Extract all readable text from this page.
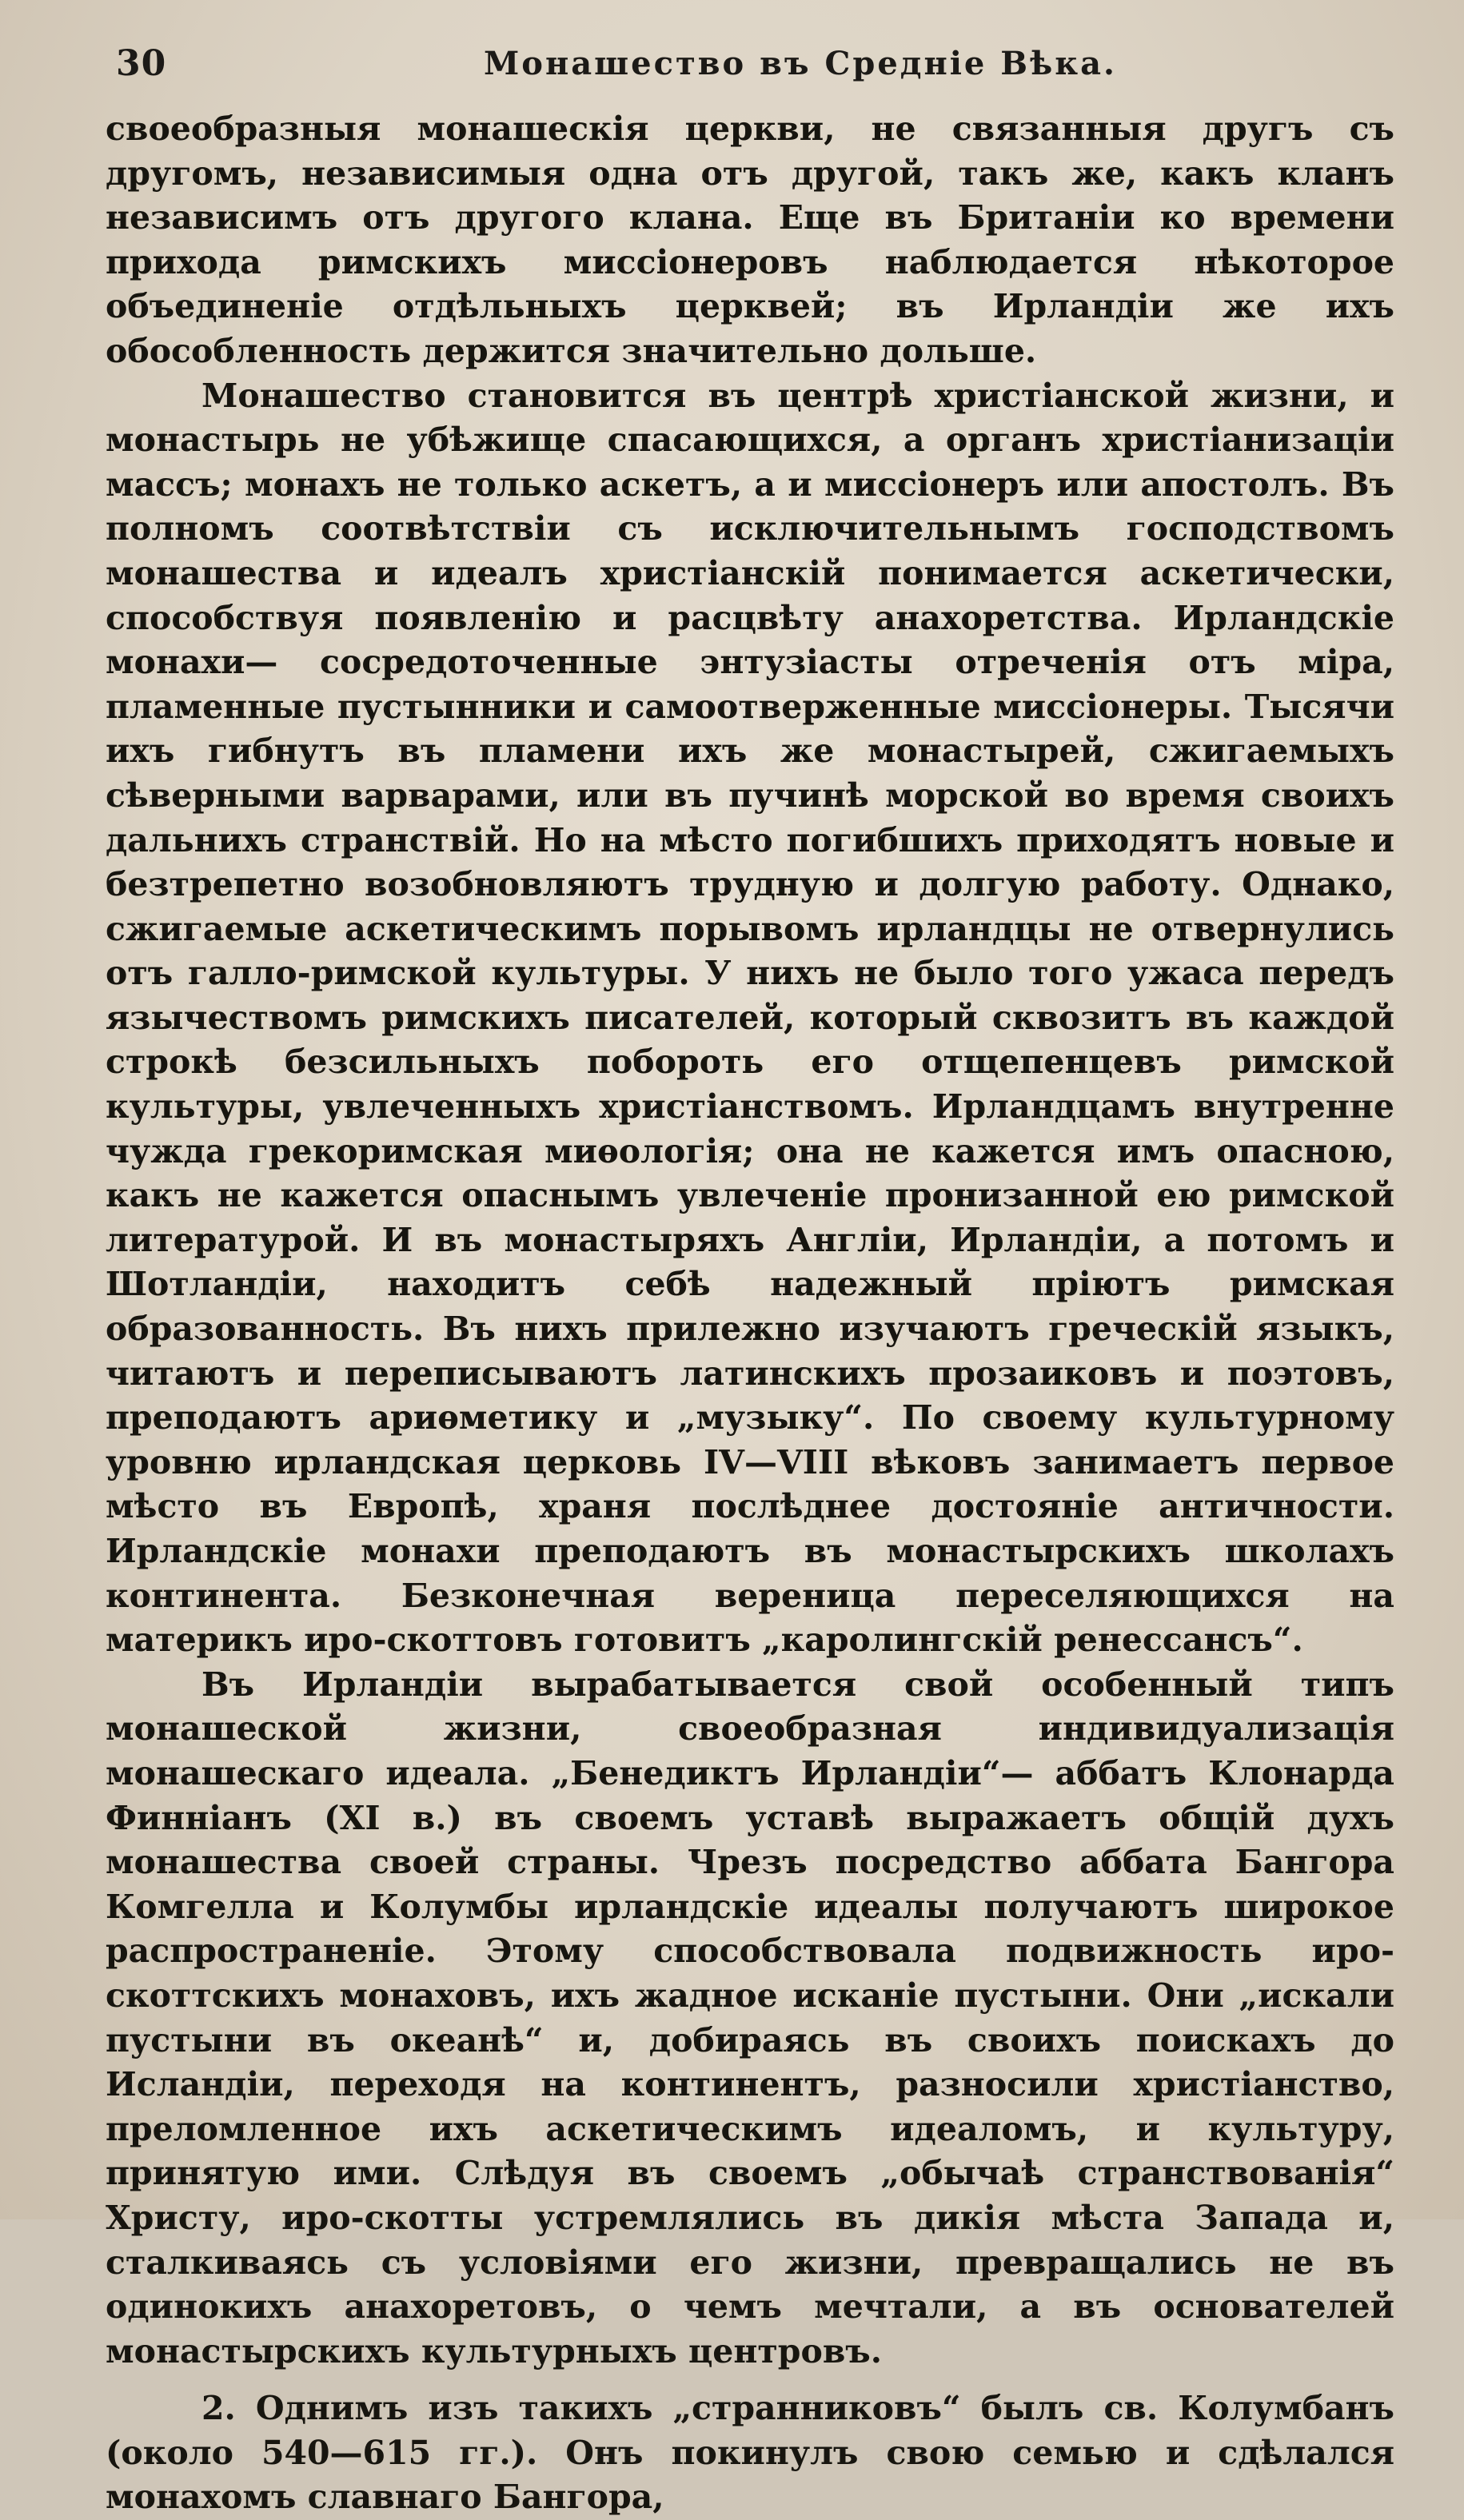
30	Монашество въ Средніе Вѣка.

своеобразныя монашескія церкви, не связанныя другъ съ другомъ, независимыя одна отъ другой, такъ же, какъ кланъ независимъ отъ другого клана. Еще въ Британіи ко времени прихода римскихъ миссіонеровъ наблюдается нѣкоторое объединеніе отдѣльныхъ церквей; въ Ирландіи же ихъ обособленность держится значительно дольше.

Монашество становится въ центрѣ христіанской жизни, и монастырь не убѣжище спасающихся, а органъ христіанизаціи массъ; монахъ не только аскетъ, а и миссіонеръ или апостолъ. Въ полномъ соотвѣтствіи съ исключительнымъ господствомъ монашества и идеалъ христіанскій понимается аскетически, способствуя появленію и расцвѣту анахоретства. Ирландскіе монахи— сосредоточенные энтузіасты отреченія отъ міра, пламенные пустынники и самоотверженные миссіонеры. Тысячи ихъ гибнутъ въ пламени ихъ же монастырей, сжигаемыхъ сѣверными варварами, или въ пучинѣ морской во время своихъ дальнихъ странствій. Но на мѣсто погибшихъ приходятъ новые и безтрепетно возобновляютъ трудную и долгую работу. Однако, сжигаемые аскетическимъ порывомъ ирландцы не отвернулись отъ галло-римской культуры. У нихъ не было того ужаса передъ язычествомъ римскихъ писателей, который сквозитъ въ каждой строкѣ безсильныхъ побороть его отщепенцевъ римской культуры, увлеченныхъ христіанствомъ. Ирландцамъ внутренне чужда грекоримская миѳологія; она не кажется имъ опасною, какъ не кажется опаснымъ увлеченіе пронизанной ею римской литературой. И въ монастыряхъ Англіи, Ирландіи, а потомъ и Шотландіи, находитъ себѣ надежный пріютъ римская образованность. Въ нихъ прилежно изучаютъ греческій языкъ, читаютъ и переписываютъ латинскихъ прозаиковъ и поэтовъ, преподаютъ ариѳметику и „музыку“. По своему культурному уровню ирландская церковь IV—VIII вѣковъ занимаетъ первое мѣсто въ Европѣ, храня послѣднее достояніе античности. Ирландскіе монахи преподаютъ въ монастырскихъ школахъ континента. Безконечная вереница переселяющихся на материкъ иро-скоттовъ готовитъ „каролингскій ренессансъ“.

Въ Ирландіи вырабатывается свой особенный типъ монашеской жизни, своеобразная индивидуализація монашескаго идеала. „Бенедиктъ Ирландіи“— аббатъ Клонарда Финніанъ (XI в.) въ своемъ уставѣ выражаетъ общій духъ монашества своей страны. Чрезъ посредство аббата Бангора Комгелла и Колумбы ирландскіе идеалы получаютъ широкое распространеніе. Этому способствовала подвижность иро-скоттскихъ монаховъ, ихъ жадное исканіе пустыни. Они „искали пустыни въ океанѣ“ и, добираясь въ своихъ поискахъ до Исландіи, переходя на континентъ, разносили христіанство, преломленное ихъ аскетическимъ идеаломъ, и культуру, принятую ими. Слѣдуя въ своемъ „обычаѣ странствованія“ Христу, иро-скотты устремлялись въ дикія мѣста Запада и, сталкиваясь съ условіями его жизни, превращались не въ одинокихъ анахоретовъ, о чемъ мечтали, а въ основателей монастырскихъ культурныхъ центровъ.

2. Однимъ изъ такихъ „странниковъ“ былъ св. Колумбанъ (около 540—615 гг.). Онъ покинулъ свою семью и сдѣлался монахомъ славнаго Бангора,
